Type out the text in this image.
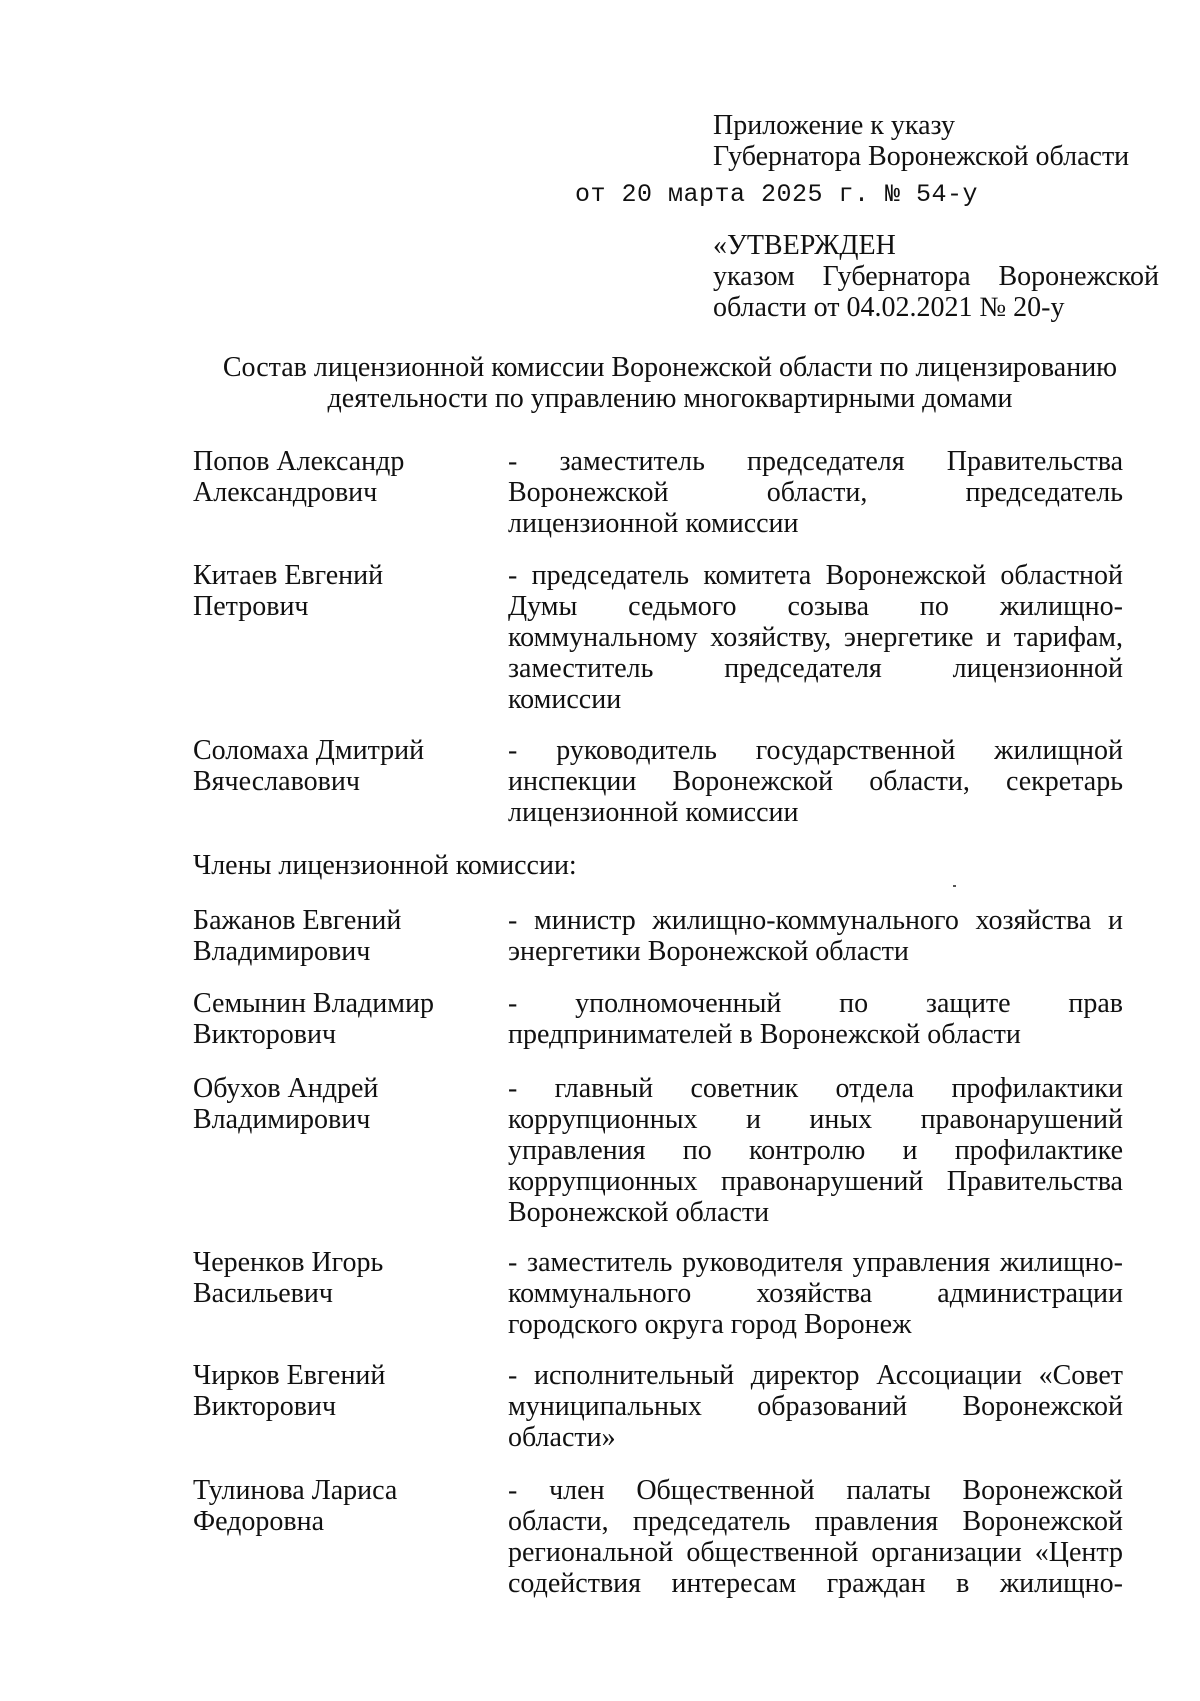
Приложение к указу
Губернатора Воронежской области
от 20 марта 2025 г. № 54-у
«УТВЕРЖДЕН
указом Губернатора Воронежской
области от 04.02.2021 № 20-у
Состав лицензионной комиссии Воронежской области по лицензированию
деятельности по управлению многоквартирными домами
Попов Александр
Александрович
- заместитель председателя Правительства
Воронежской области, председатель
лицензионной комиссии
Китаев Евгений
Петрович
- председатель комитета Воронежской областной
Думы седьмого созыва по жилищно-
коммунальному хозяйству, энергетике и тарифам,
заместитель председателя лицензионной
комиссии
Соломаха Дмитрий
Вячеславович
- руководитель государственной жилищной
инспекции Воронежской области, секретарь
лицензионной комиссии
Члены лицензионной комиссии:
Бажанов Евгений
Владимирович
- министр жилищно-коммунального хозяйства и
энергетики Воронежской области
Семынин Владимир
Викторович
- уполномоченный по защите прав
предпринимателей в Воронежской области
Обухов Андрей
Владимирович
- главный советник отдела профилактики
коррупционных и иных правонарушений
управления по контролю и профилактике
коррупционных правонарушений Правительства
Воронежской области
Черенков Игорь
Васильевич
- заместитель руководителя управления жилищно-
коммунального хозяйства администрации
городского округа город Воронеж
Чирков Евгений
Викторович
- исполнительный директор Ассоциации «Совет
муниципальных образований Воронежской
области»
Тулинова Лариса
Федоровна
- член Общественной палаты Воронежской
области, председатель правления Воронежской
региональной общественной организации «Центр
содействия интересам граждан в жилищно-
